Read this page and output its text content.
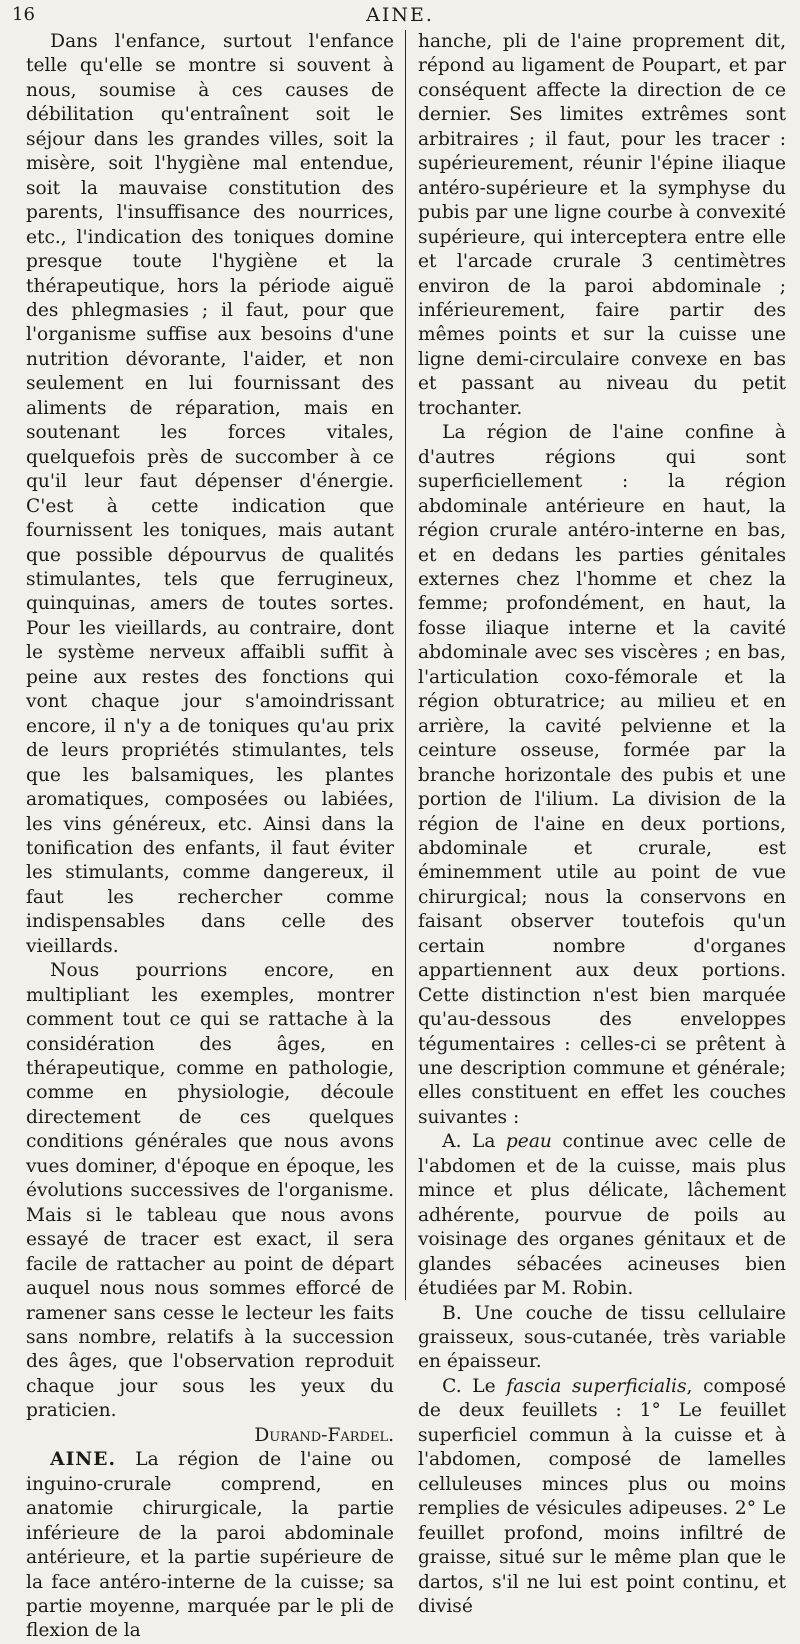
16	AINE.

Dans l'enfance, surtout l'enfance telle qu'elle se montre si souvent à nous, soumise à ces causes de débilitation qu'entraînent soit le séjour dans les grandes villes, soit la misère, soit l'hygiène mal entendue, soit la mauvaise constitution des parents, l'insuffisance des nourrices, etc., l'indication des toniques domine presque toute l'hygiène et la thérapeutique, hors la période aiguë des phlegmasies ; il faut, pour que l'organisme suffise aux besoins d'une nutrition dévorante, l'aider, et non seulement en lui fournissant des aliments de réparation, mais en soutenant les forces vitales, quelquefois près de succomber à ce qu'il leur faut dépenser d'énergie. C'est à cette indication que fournissent les toniques, mais autant que possible dépourvus de qualités stimulantes, tels que ferrugineux, quinquinas, amers de toutes sortes. Pour les vieillards, au contraire, dont le système nerveux affaibli suffit à peine aux restes des fonctions qui vont chaque jour s'amoindrissant encore, il n'y a de toniques qu'au prix de leurs propriétés stimulantes, tels que les balsamiques, les plantes aromatiques, composées ou labiées, les vins généreux, etc. Ainsi dans la tonification des enfants, il faut éviter les stimulants, comme dangereux, il faut les rechercher comme indispensables dans celle des vieillards.

Nous pourrions encore, en multipliant les exemples, montrer comment tout ce qui se rattache à la considération des âges, en thérapeutique, comme en pathologie, comme en physiologie, découle directement de ces quelques conditions générales que nous avons vues dominer, d'époque en époque, les évolutions successives de l'organisme. Mais si le tableau que nous avons essayé de tracer est exact, il sera facile de rattacher au point de départ auquel nous nous sommes efforcé de ramener sans cesse le lecteur les faits sans nombre, relatifs à la succession des âges, que l'observation reproduit chaque jour sous les yeux du praticien.

Durand-Fardel.

AINE. La région de l'aine ou inguino-crurale comprend, en anatomie chirurgicale, la partie inférieure de la paroi abdominale antérieure, et la partie supérieure de la face antéro-interne de la cuisse; sa partie moyenne, marquée par le pli de flexion de la

hanche, pli de l'aine proprement dit, répond au ligament de Poupart, et par conséquent affecte la direction de ce dernier. Ses limites extrêmes sont arbitraires ; il faut, pour les tracer : supérieurement, réunir l'épine iliaque antéro-supérieure et la symphyse du pubis par une ligne courbe à convexité supérieure, qui interceptera entre elle et l'arcade crurale 3 centimètres environ de la paroi abdominale ; inférieurement, faire partir des mêmes points et sur la cuisse une ligne demi-circulaire convexe en bas et passant au niveau du petit trochanter.

La région de l'aine confine à d'autres régions qui sont superficiellement : la région abdominale antérieure en haut, la région crurale antéro-interne en bas, et en dedans les parties génitales externes chez l'homme et chez la femme; profondément, en haut, la fosse iliaque interne et la cavité abdominale avec ses viscères ; en bas, l'articulation coxo-fémorale et la région obturatrice; au milieu et en arrière, la cavité pelvienne et la ceinture osseuse, formée par la branche horizontale des pubis et une portion de l'ilium. La division de la région de l'aine en deux portions, abdominale et crurale, est éminemment utile au point de vue chirurgical; nous la conservons en faisant observer toutefois qu'un certain nombre d'organes appartiennent aux deux portions. Cette distinction n'est bien marquée qu'au-dessous des enveloppes tégumentaires : celles-ci se prêtent à une description commune et générale; elles constituent en effet les couches suivantes :

A. La peau continue avec celle de l'abdomen et de la cuisse, mais plus mince et plus délicate, lâchement adhérente, pourvue de poils au voisinage des organes génitaux et de glandes sébacées acineuses bien étudiées par M. Robin.

B. Une couche de tissu cellulaire graisseux, sous-cutanée, très variable en épaisseur.

C. Le fascia superficialis, composé de deux feuillets : 1° Le feuillet superficiel commun à la cuisse et à l'abdomen, composé de lamelles celluleuses minces plus ou moins remplies de vésicules adipeuses. 2° Le feuillet profond, moins infiltré de graisse, situé sur le même plan que le dartos, s'il ne lui est point continu, et divisé
